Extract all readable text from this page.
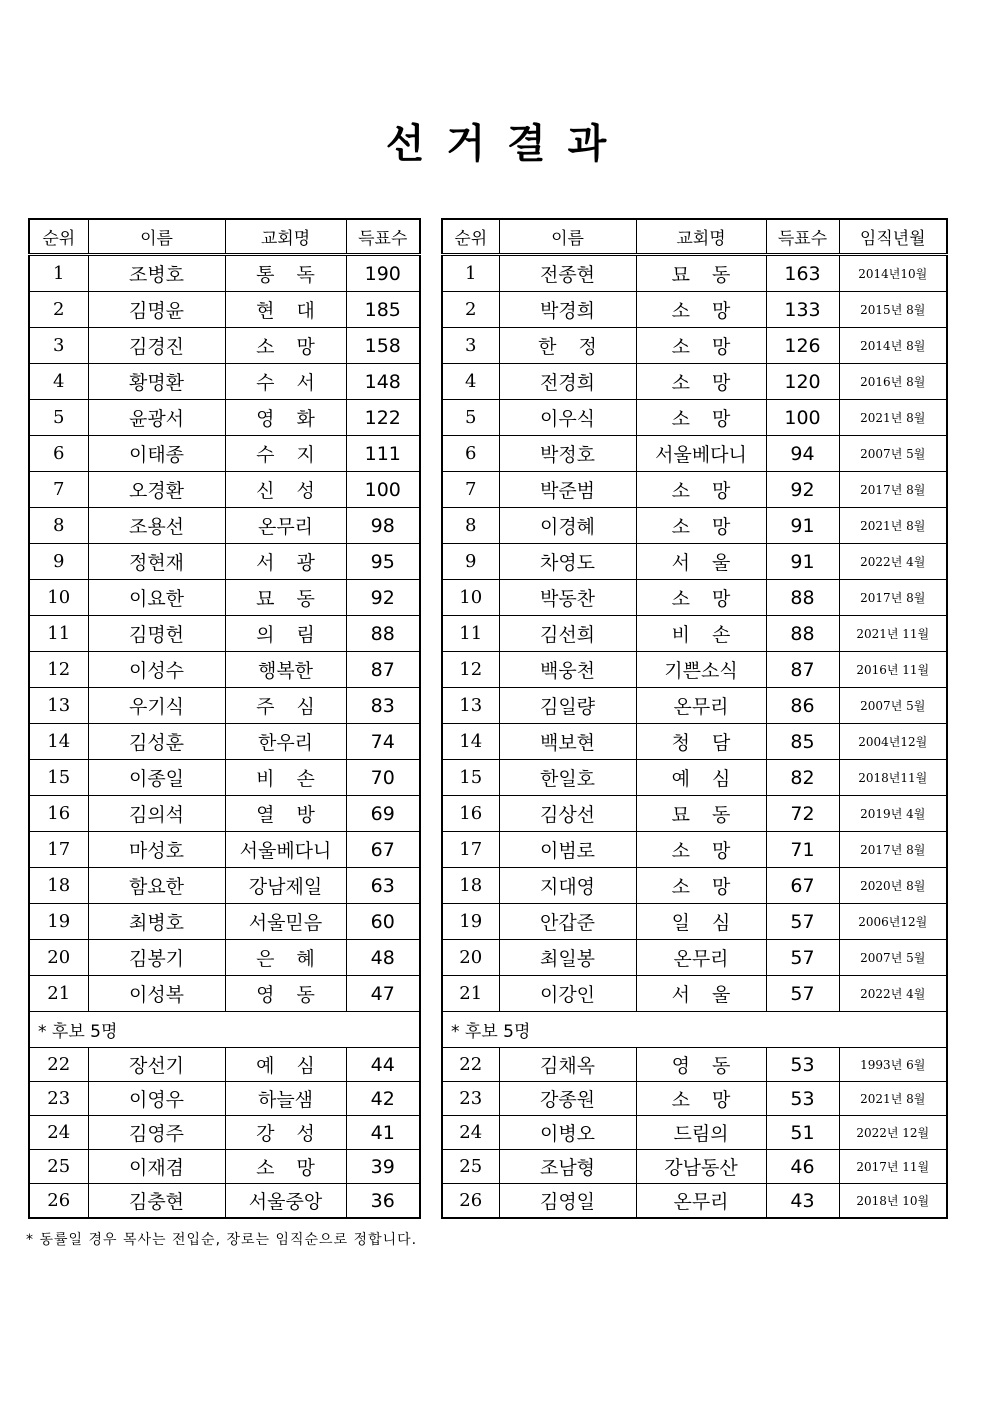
선거결과
순위	이름	교회명	득표수
1	조병호	통독	190
2	김명윤	현대	185
3	김경진	소망	158
4	황명환	수서	148
5	윤광서	영화	122
6	이태종	수지	111
7	오경환	신성	100
8	조용선	온무리	98
9	정현재	서광	95
10	이요한	묘동	92
11	김명헌	의림	88
12	이성수	행복한	87
13	우기식	주심	83
14	김성훈	한우리	74
15	이종일	비손	70
16	김의석	열방	69
17	마성호	서울베다니	67
18	함요한	강남제일	63
19	최병호	서울믿음	60
20	김봉기	은혜	48
21	이성복	영동	47
* 후보 5명			
22	장선기	예심	44
23	이영우	하늘샘	42
24	김영주	강성	41
25	이재겸	소망	39
26	김충현	서울중앙	36
순위	이름	교회명	득표수	임직년월
1	전종현	묘동	163	2014년10월
2	박경희	소망	133	2015년 8월
3	한정	소망	126	2014년 8월
4	전경희	소망	120	2016년 8월
5	이우식	소망	100	2021년 8월
6	박정호	서울베다니	94	2007년 5월
7	박준범	소망	92	2017년 8월
8	이경혜	소망	91	2021년 8월
9	차영도	서울	91	2022년 4월
10	박동찬	소망	88	2017년 8월
11	김선희	비손	88	2021년 11월
12	백웅천	기쁜소식	87	2016년 11월
13	김일량	온무리	86	2007년 5월
14	백보현	청담	85	2004년12월
15	한일호	예심	82	2018년11월
16	김상선	묘동	72	2019년 4월
17	이범로	소망	71	2017년 8월
18	지대영	소망	67	2020년 8월
19	안갑준	일심	57	2006년12월
20	최일봉	온무리	57	2007년 5월
21	이강인	서울	57	2022년 4월
* 후보 5명				
22	김채옥	영동	53	1993년 6월
23	강종원	소망	53	2021년 8월
24	이병오	드림의	51	2022년 12월
25	조남형	강남동산	46	2017년 11월
26	김영일	온무리	43	2018년 10월
* 동률일 경우 목사는 전입순, 장로는 임직순으로 정합니다.
